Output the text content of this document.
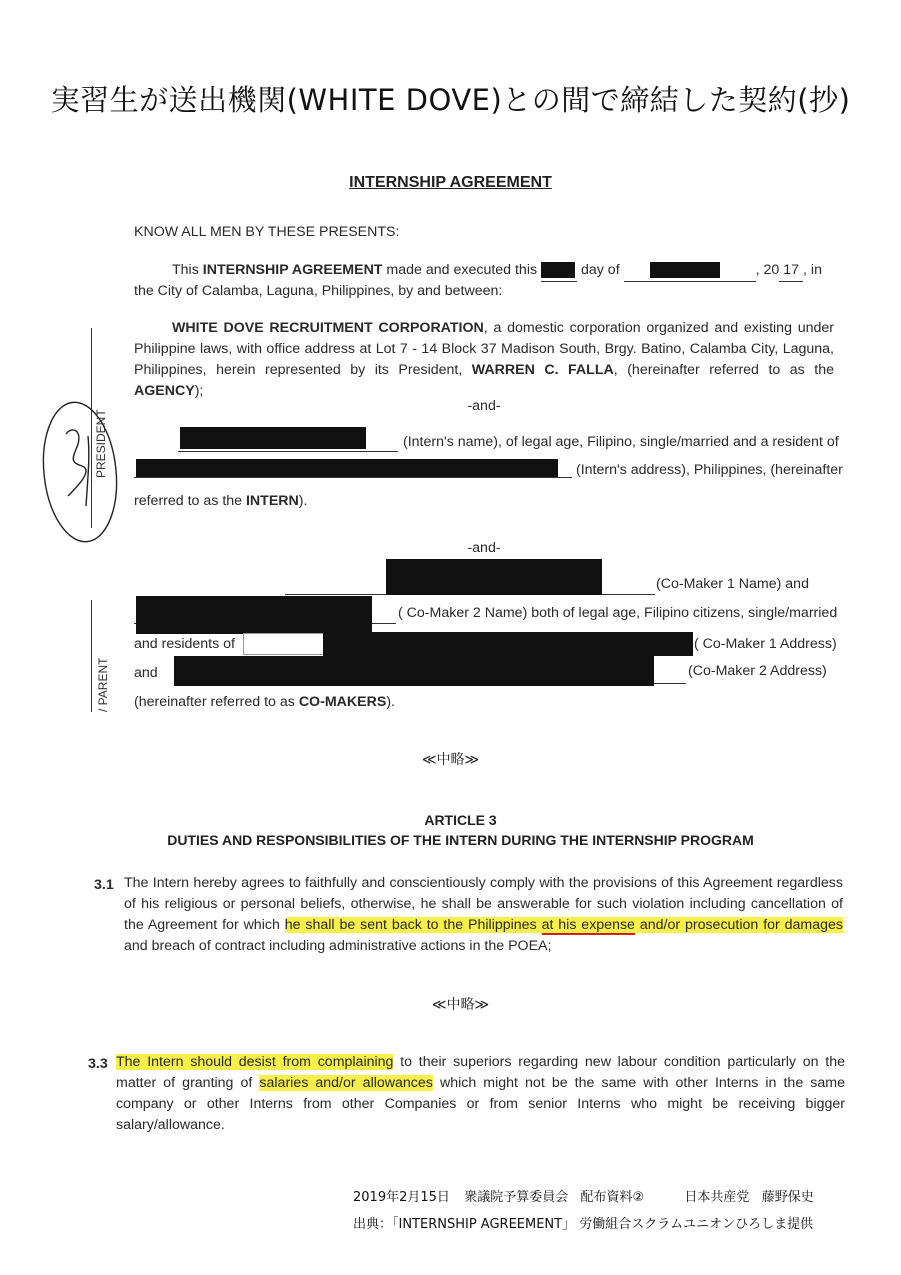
実習生が送出機関(WHITE DOVE)との間で締結した契約(抄)
INTERNSHIP AGREEMENT
KNOW ALL MEN BY THESE PRESENTS:
This INTERNSHIP AGREEMENT made and executed this	day of	, 20 17 , in
the City of Calamba, Laguna, Philippines, by and between:
WHITE DOVE RECRUITMENT CORPORATION, a domestic corporation organized and existing under Philippine laws, with office address at Lot 7 - 14 Block 37 Madison South, Brgy. Batino, Calamba City, Laguna, Philippines, herein represented by its President, WARREN C. FALLA, (hereinafter referred to as the AGENCY);
-and-
(Intern's name), of legal age, Filipino, single/married and a resident of
(Intern's address), Philippines, (hereinafter
referred to as the INTERN).
-and-
(Co-Maker 1 Name) and
( Co-Maker 2 Name) both of legal age, Filipino citizens, single/married
and residents of	( Co-Maker 1 Address)
and	(Co-Maker 2 Address)
(hereinafter referred to as CO-MAKERS).
≪中略≫
ARTICLE 3
DUTIES AND RESPONSIBILITIES OF THE INTERN DURING THE INTERNSHIP PROGRAM
3.1 The Intern hereby agrees to faithfully and conscientiously comply with the provisions of this Agreement regardless of his religious or personal beliefs, otherwise, he shall be answerable for such violation including cancellation of the Agreement for which he shall be sent back to the Philippines at his expense and/or prosecution for damages and breach of contract including administrative actions in the POEA;
≪中略≫
3.3 The Intern should desist from complaining to their superiors regarding new labour condition particularly on the matter of granting of salaries and/or allowances which might not be the same with other Interns in the same company or other Interns from other Companies or from senior Interns who might be receiving bigger salary/allowance.
PRESIDENT
/ PARENT
2019年2月15日 衆議院予算委員会 配布資料②	日本共産党 藤野保史
出典：「INTERNSHIP AGREEMENT」 労働組合スクラムユニオンひろしま提供
